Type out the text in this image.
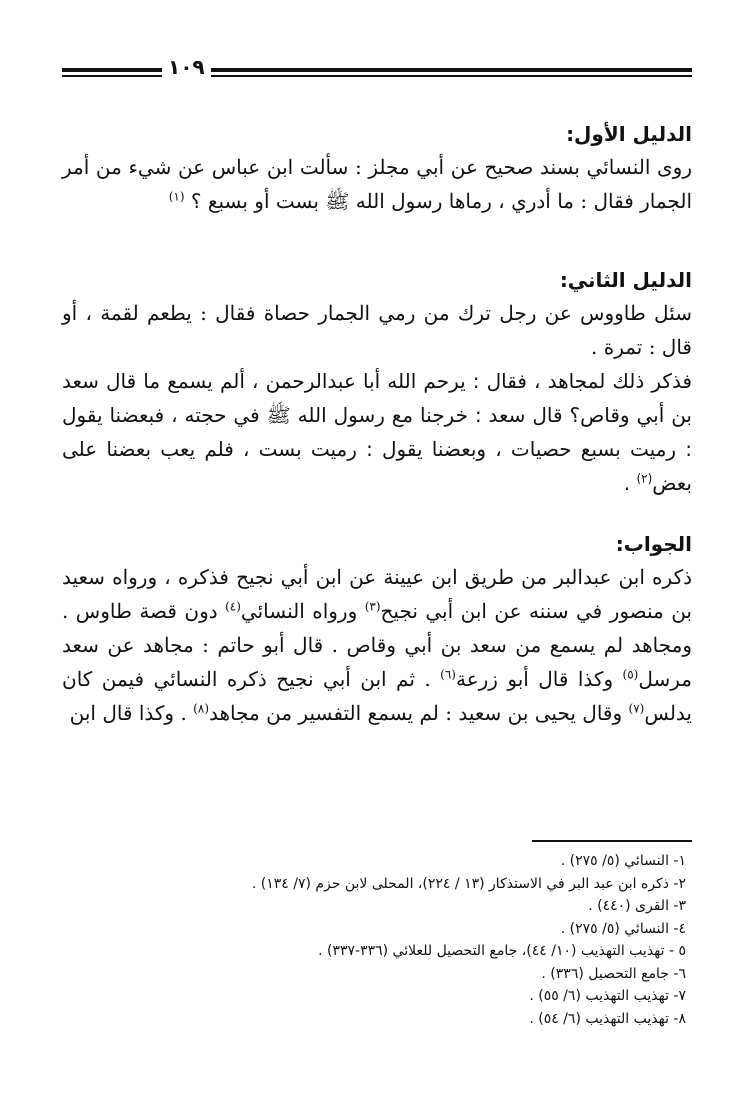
١٠٩

الدليل الأول:

روى النسائي بسند صحيح عن أبي مجلز : سألت ابن عباس عن شيء من أمر الجمار فقال : ما أدري ، رماها رسول الله ﷺ بست أو بسبع ؟ $^{(١)}$

الدليل الثاني:

سئل طاووس عن رجل ترك من رمي الجمار حصاة فقال : يطعم لقمة ، أو قال : تمرة .

فذكر ذلك لمجاهد ، فقال : يرحم الله أبا عبدالرحمن ، ألم يسمع ما قال سعد بن أبي وقاص؟ قال سعد : خرجنا مع رسول الله ﷺ في حجته ، فبعضنا يقول : رميت بسبع حصيات ، وبعضنا يقول : رميت بست ، فلم يعب بعضنا على بعض$^{(٢)}$ .

الجواب:

ذكره ابن عبدالبر من طريق ابن عيينة عن ابن أبي نجيح فذكره ، ورواه سعيد بن منصور في سننه عن ابن أبي نجيح$^{(٣)}$ ورواه النسائي$^{(٤)}$ دون قصة طاوس . ومجاهد لم يسمع من سعد بن أبي وقاص . قال أبو حاتم : مجاهد عن سعد مرسل$^{(٥)}$ وكذا قال أبو زرعة$^{(٦)}$ . ثم ابن أبي نجيح ذكره النسائي فيمن كان يدلس$^{(٧)}$ وقال يحيى بن سعيد : لم يسمع التفسير من مجاهد$^{(٨)}$ . وكذا قال ابن

١- النسائي (٥/ ٢٧٥) .
٢- ذكره ابن عبد البر في الاستذكار (١٣ / ٢٢٤)، المحلى لابن حزم (٧/ ١٣٤) .
٣- القرى (٤٤٠) .
٤- النسائي (٥/ ٢٧٥) .
٥ - تهذيب التهذيب (١٠/ ٤٤)، جامع التحصيل للعلائي (٣٣٦-٣٣٧) .
٦- جامع التحصيل (٣٣٦) .
٧- تهذيب التهذيب (٦/ ٥٥) .
٨- تهذيب التهذيب (٦/ ٥٤) .
